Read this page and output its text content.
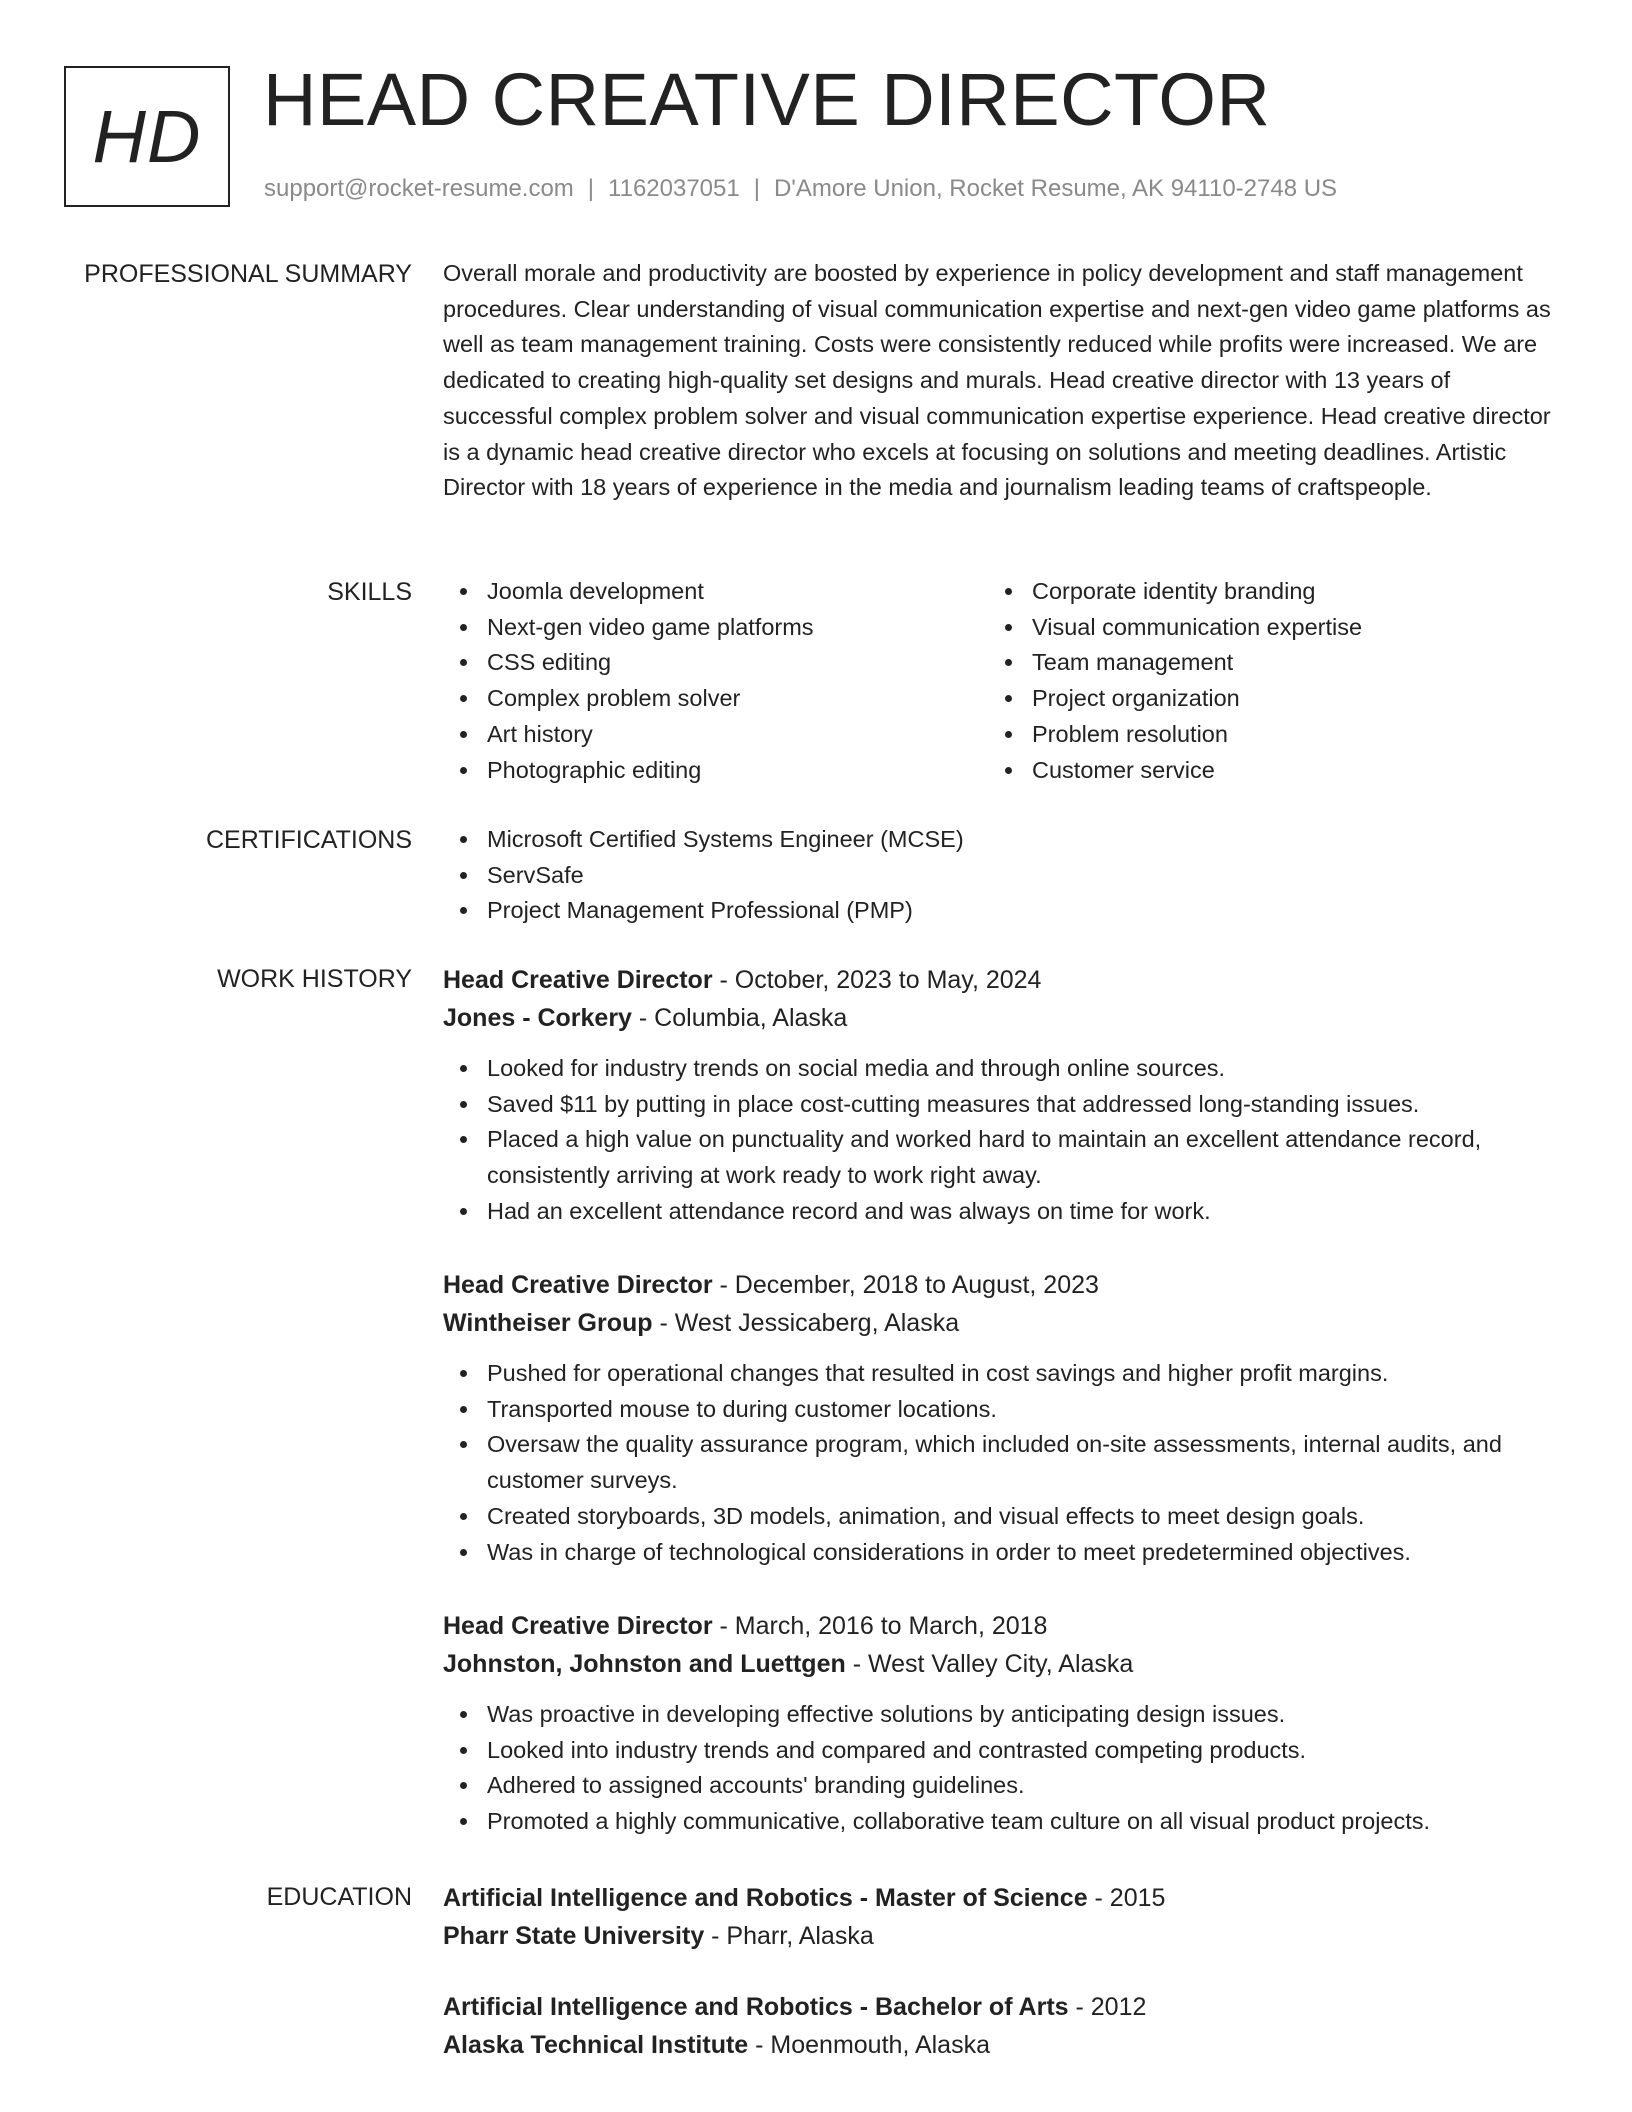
HD HEAD CREATIVE DIRECTOR
support@rocket-resume.com | 1162037051 | D'Amore Union, Rocket Resume, AK 94110-2748 US
PROFESSIONAL SUMMARY Overall morale and productivity are boosted by experience in policy development and staff management procedures. Clear understanding of visual communication expertise and next-gen video game platforms as well as team management training. Costs were consistently reduced while profits were increased. We are dedicated to creating high-quality set designs and murals. Head creative director with 13 years of successful complex problem solver and visual communication expertise experience. Head creative director is a dynamic head creative director who excels at focusing on solutions and meeting deadlines. Artistic Director with 18 years of experience in the media and journalism leading teams of craftspeople.

SKILLS	Joomla development
Next-gen video game platforms
CSS editing
Complex problem solver
Art history
Photographic editing
Corporate identity branding
Visual communication expertise
Team management
Project organization
Problem resolution
Customer service
CERTIFICATIONS	Microsoft Certified Systems Engineer (MCSE)
ServSafe
Project Management Professional (PMP)
WORK HISTORY Head Creative Director - October, 2023 to May, 2024
Jones - Corkery - Columbia, Alaska
Looked for industry trends on social media and through online sources.
Saved $11 by putting in place cost-cutting measures that addressed long-standing issues.
Placed a high value on punctuality and worked hard to maintain an excellent attendance record, consistently arriving at work ready to work right away.
Had an excellent attendance record and was always on time for work.
Head Creative Director - December, 2018 to August, 2023
Wintheiser Group - West Jessicaberg, Alaska
Pushed for operational changes that resulted in cost savings and higher profit margins.
Transported mouse to during customer locations.
Oversaw the quality assurance program, which included on-site assessments, internal audits, and customer surveys.
Created storyboards, 3D models, animation, and visual effects to meet design goals.
Was in charge of technological considerations in order to meet predetermined objectives.
Head Creative Director - March, 2016 to March, 2018
Johnston, Johnston and Luettgen - West Valley City, Alaska
Was proactive in developing effective solutions by anticipating design issues.
Looked into industry trends and compared and contrasted competing products.
Adhered to assigned accounts' branding guidelines.
Promoted a highly communicative, collaborative team culture on all visual product projects.
EDUCATION Artificial Intelligence and Robotics - Master of Science - 2015
Pharr State University - Pharr, Alaska
Artificial Intelligence and Robotics - Bachelor of Arts - 2012
Alaska Technical Institute - Moenmouth, Alaska
